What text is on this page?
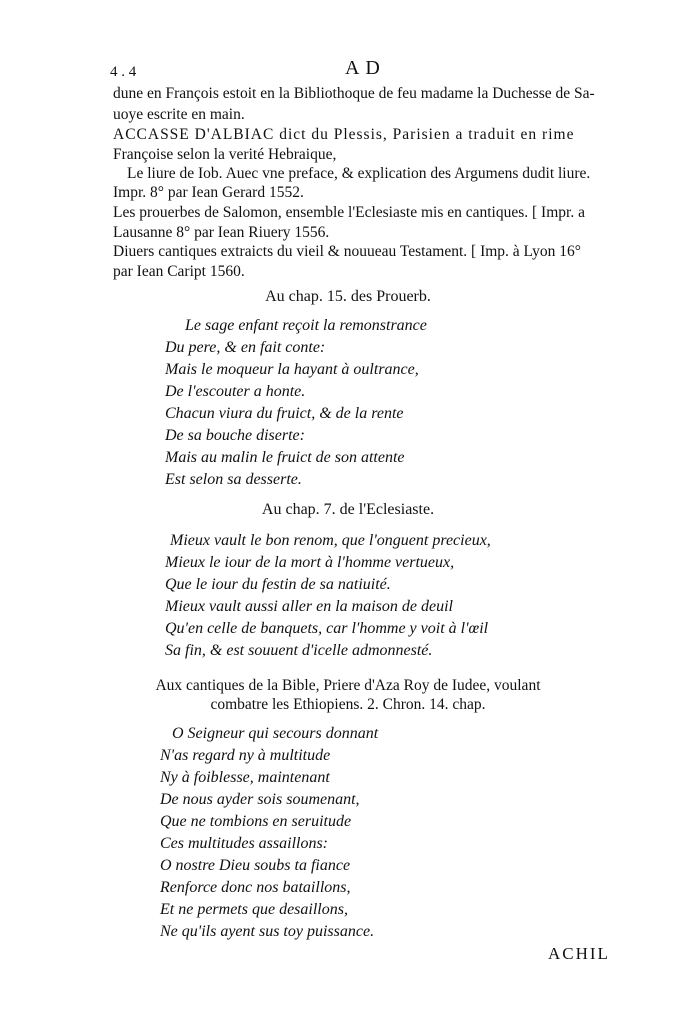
4 . 4	A D
dune en François estoit en la Bibliothoque de feu madame la Duchesse de Sa-
uoye escrite en main.
ACCASSE D'ALBIAC dict du Plessis, Parisien a traduit en rime
Françoise selon la verité Hebraique,
Le liure de Iob. Auec vne preface, & explication des Argumens dudit liure.
Impr. 8° par Iean Gerard 1552.
Les prouerbes de Salomon, ensemble l'Eclesiaste mis en cantiques. [ Impr. a
Lausanne 8° par Iean Riuery 1556.
Diuers cantiques extraicts du vieil & nouueau Testament. [ Imp. à Lyon 16°
par Iean Caript 1560.
Au chap. 15. des Prouerb.
Le sage enfant reçoit la remonstrance
Du pere, & en fait conte:
Mais le moqueur la hayant à oultrance,
De l'escouter a honte.
Chacun viura du fruict, & de la rente
De sa bouche diserte:
Mais au malin le fruict de son attente
Est selon sa desserte.
Au chap. 7. de l'Eclesiaste.
Mieux vault le bon renom, que l'onguent precieux,
Mieux le iour de la mort à l'homme vertueux,
Que le iour du festin de sa natiuité.
Mieux vault aussi aller en la maison de deuil
Qu'en celle de banquets, car l'homme y voit à l'œil
Sa fin, & est souuent d'icelle admonnesté.
Aux cantiques de la Bible, Priere d'Aza Roy de Iudee, voulant
combatre les Ethiopiens. 2. Chron. 14. chap.
O Seigneur qui secours donnant
N'as regard ny à multitude
Ny à foiblesse, maintenant
De nous ayder sois soumenant,
Que ne tombions en seruitude
Ces multitudes assaillons:
O nostre Dieu soubs ta fiance
Renforce donc nos bataillons,
Et ne permets que desaillons,
Ne qu'ils ayent sus toy puissance.
ACHIL
